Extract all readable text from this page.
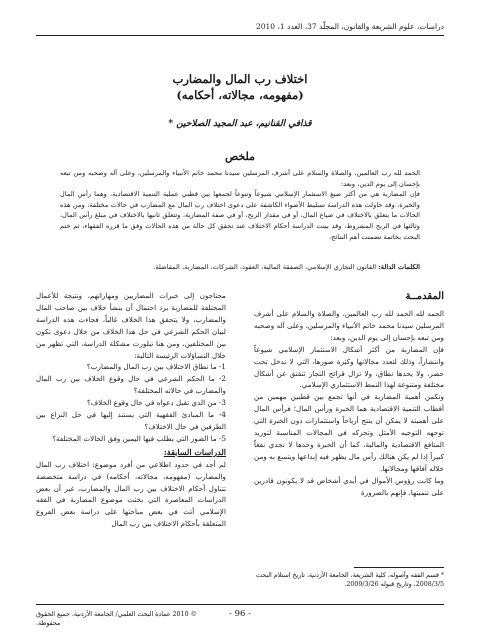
دراسات، علوم الشريعة والقانون، المجلّد 37، العدد 1، 2010
اختلاف رب المال والمضارب
(مفهومه، مجالاته، أحكامه)
قذافي القنانيم، عبد المجيد الصلاحين *
ملخص

الحمد لله رب العالمين، والصلاة والسلام على أشرف المرسلين سيدنا محمد خاتم الأنبياء والمرسلين، وعلى آله وصحبه ومن تبعه بإحسان إلى يوم الدين، وبعد:

فإن المضاربة هي من أكثر صيغ الاستثمار الإسلامي شيوعاً وتنوعاً لجمعها بين قطبي عملية التنمية الاقتصادية، وهما رأس المال والخبرة، وقد حاولت هذه الدراسة تسليط الأضواء الكاشفة على دعوى اختلاف رب المال مع المضارب في حالات مختلفة، ومن هذه الحالات ما يتعلق بالاختلاف في ضياع المال، أو في مقدار الربح، أو في صفة المضاربة، وتتعلق ثانيها بالاختلاف في مبلغ رأس المال، وثالثها في الربح المشروط، وقد بينت الدراسة أحكام الاختلاف عند تحقق كل حالة من هذه الحالات وفق ما قرره الفقهاء، ثم ختم البحث بخاتمة تضمنت أهم النتائج.

الكلمات الدالة: القانون التجاري الإسلامي، الصفقة المالية، العقود، الشركات، المضاربة، المفاضلة.

المقدمــة

الحمد لله الحمد لله رب العالمين، والصلاة والسلام على أشرف المرسلين سيدنا محمد خاتم الأنبياء والمرسلين، وعلى آله وصحبه ومن تبعه بإحسان إلى يوم الدين، وبعد:

فإن المضاربة من أكثر أشكال الاستثمار الإسلامي شيوعاً وانتشاراً، وذلك لتعدد مجالاتها وكثرة صورها، التي لا تدخل تحت حصر، ولا يحدها نطاق، ولا تزال قرائح التجار تتفتق عن أشكال مختلفة ومتنوعة لهذا النمط الاستثماري الإسلامي.

وتكمن أهمية المضاربة في أنها تجمع بين قطبين مهمين من أقطاب التنمية الاقتصادية هما الخبرة ورأس المال؛ فرأس المال على أهميته لا يمكن أن ينتج أرباحاً واستثمارات دون الخبرة التي توجهه التوجيه الأمثل وتحركه في المجالات المناسبة لتوريد المنافع الاقتصادية والمالية، كما أن الخبرة وحدها لا تجدي نفعاً كبيراً إذا لم يكن هنالك رأس مال يظهر فيه إبداعها ويتسع به ومن خلاله آفاقها ومجالاتها.

وما كانت رؤوس الأموال في أيدي أشخاص قد لا يكونون قادرين على تنميتها، فإنهم بالضرورة

محتاجون إلى خبرات المضاربين ومهاراتهم، ونتيجة للأعمال المختلفة للمضاربة يرد احتمال أن ينشأ خلاف بين صاحب المال والمضارب، ولا يتحقق هذا الخلاف غالباً، فجاءت هذه الدراسة لبيان الحكم الشرعي في حل هذا الخلاف من خلال دعوى تكون بين المختلفين، ومن هنا تبلورت مشكلة الدراسة، التي تظهر من خلال التساؤلات الرئيسة التالية:

1- ما نطاق الاختلاف بين رب المال والمضارب؟

2- ما الحكم الشرعي في حال وقوع الخلاف بين رب المال والمضارب في حالاته المختلفة؟

3- من الذي تقبل دعواه في حال وقوع الخلاف؟

4- ما المبادئ الفقهية التي يستند إليها في حل النزاع بين الطرفين في حال الاختلاف؟

5- ما الصور التي يطلب فيها اليمين وفق الحالات المختلفة؟

الدراسات السابقة:

لم أجد في حدود اطلاعي من أفرد موضوع: اختلاف رب المال والمضارب (مفهومه، مجالاته، أحكامه) في دراسة متخصصة تتناول أحكام الاختلاف بين رب المال والمضارب، غير أن بعض الدراسات المعاصرة التي بحثت موضوع المضاربة في الفقه الإسلامي أتت في بعض مباحثها على دراسة بعض الفروع المتعلقة بأحكام الاختلاف بين رب المال

* قسم الفقه وأصوله، كلية الشريعة، الجامعة الأردنية، تاريخ استلام البحث 2008/3/5، وتاريخ قبوله 2009/3/26.

- 96 -
© 2010 عمادة البحث العلمي/ الجامعة الأردنية. جميع الحقوق محفوظة.
